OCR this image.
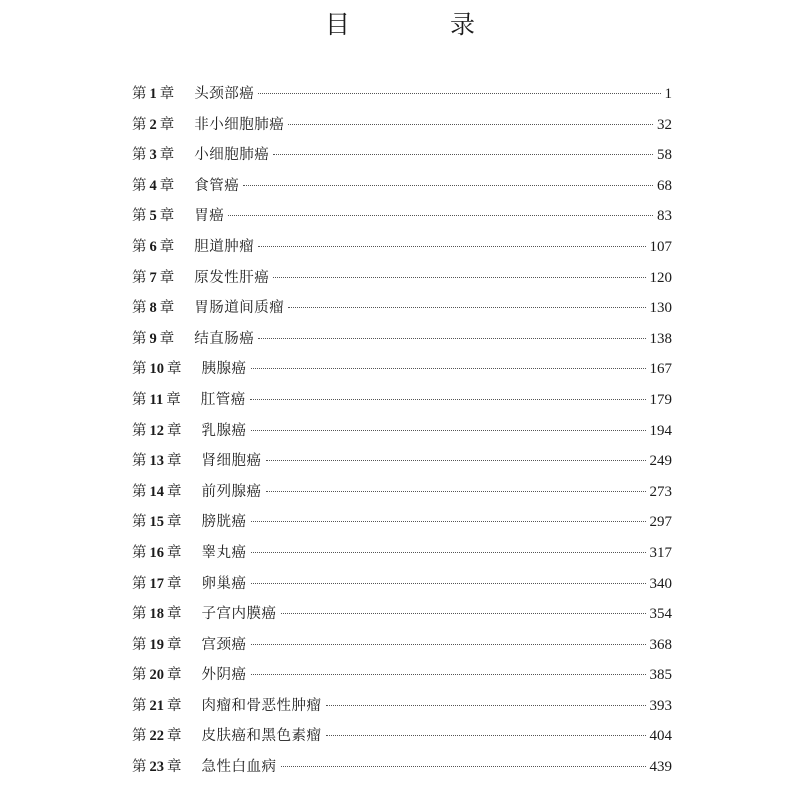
目 录
第 1 章	头颈部癌	1
第 2 章	非小细胞肺癌	32
第 3 章	小细胞肺癌	58
第 4 章	食管癌	68
第 5 章	胃癌	83
第 6 章	胆道肿瘤	107
第 7 章	原发性肝癌	120
第 8 章	胃肠道间质瘤	130
第 9 章	结直肠癌	138
第 10 章	胰腺癌	167
第 11 章	肛管癌	179
第 12 章	乳腺癌	194
第 13 章	肾细胞癌	249
第 14 章	前列腺癌	273
第 15 章	膀胱癌	297
第 16 章	睾丸癌	317
第 17 章	卵巢癌	340
第 18 章	子宫内膜癌	354
第 19 章	宫颈癌	368
第 20 章	外阴癌	385
第 21 章	肉瘤和骨恶性肿瘤	393
第 22 章	皮肤癌和黑色素瘤	404
第 23 章	急性白血病	439
